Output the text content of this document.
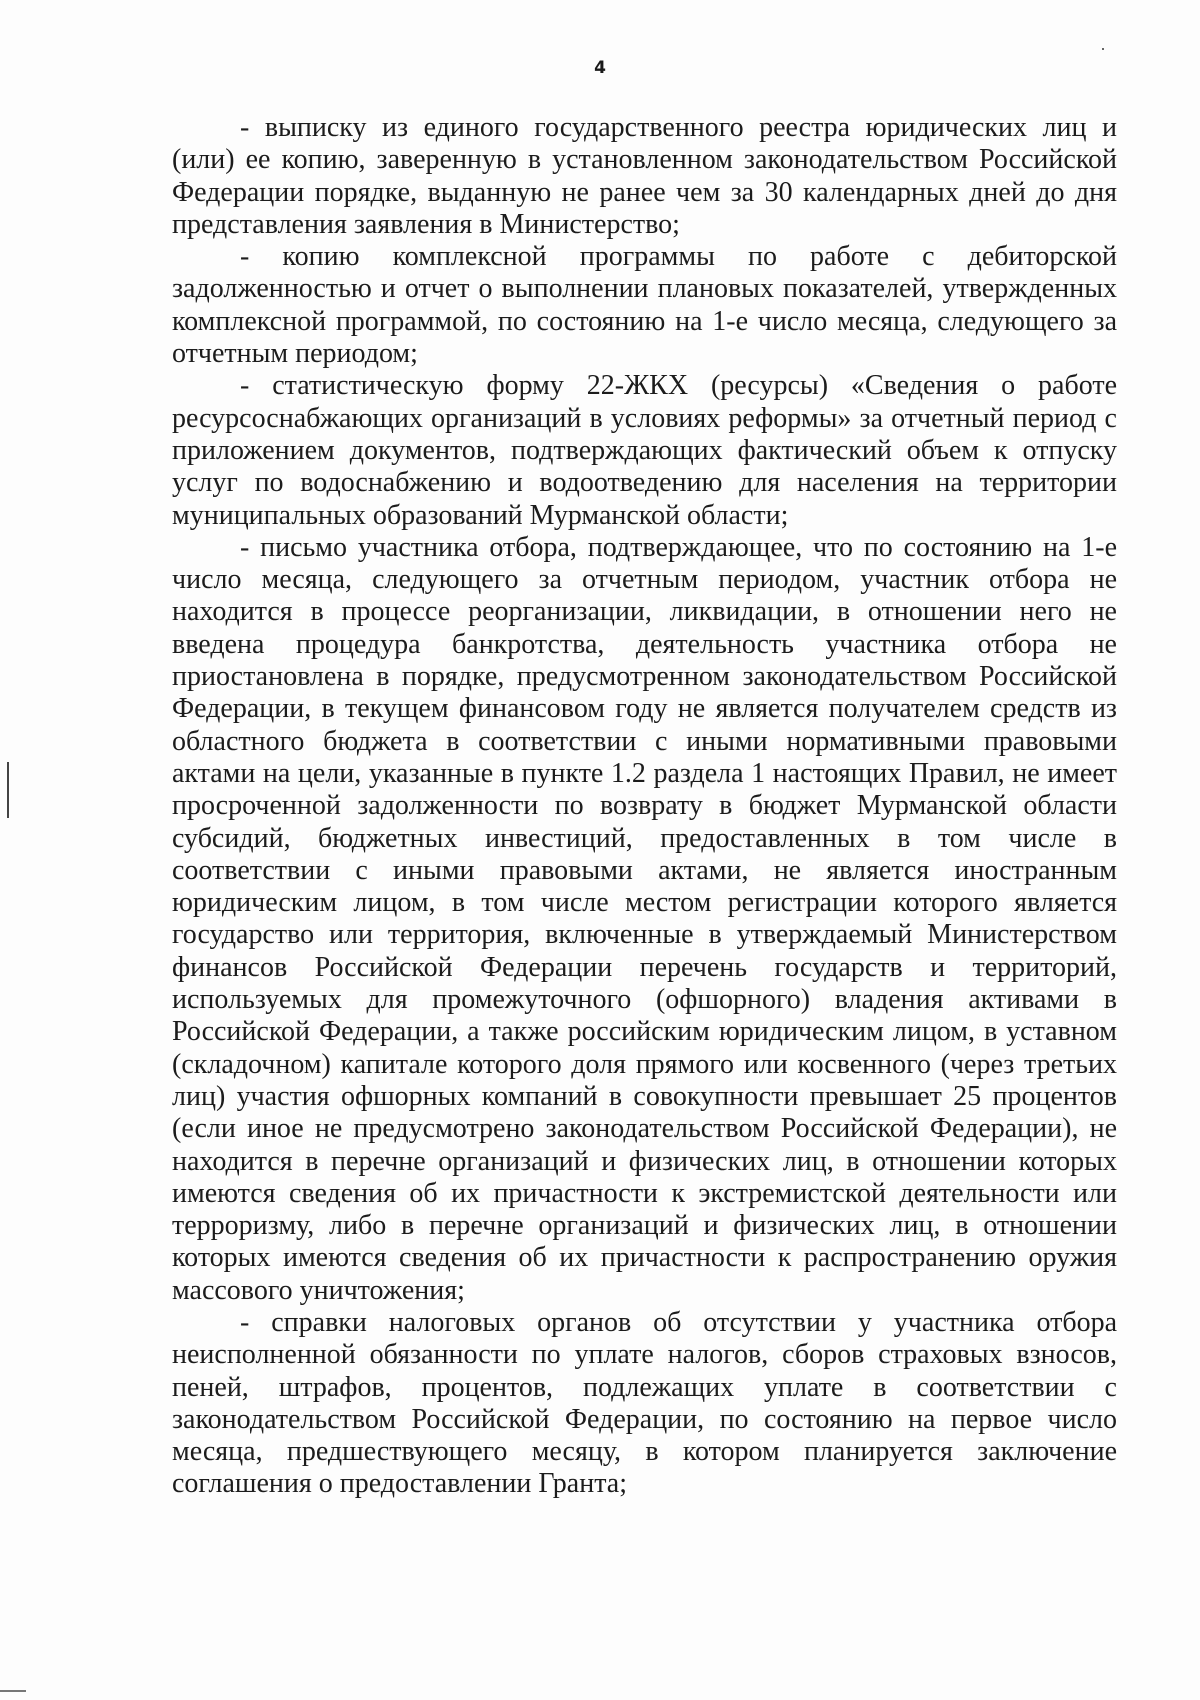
4

- выписку из единого государственного реестра юридических лиц и (или) ее копию, заверенную в установленном законодательством Российской Федерации порядке, выданную не ранее чем за 30 календарных дней до дня представления заявления в Министерство;

- копию комплексной программы по работе с дебиторской задолженностью и отчет о выполнении плановых показателей, утвержденных комплексной программой, по состоянию на 1-е число месяца, следующего за отчетным периодом;

- статистическую форму 22-ЖКХ (ресурсы) «Сведения о работе ресурсоснабжающих организаций в условиях реформы» за отчетный период с приложением документов, подтверждающих фактический объем к отпуску услуг по водоснабжению и водоотведению для населения на территории муниципальных образований Мурманской области;

- письмо участника отбора, подтверждающее, что по состоянию на 1-е число месяца, следующего за отчетным периодом, участник отбора не находится в процессе реорганизации, ликвидации, в отношении него не введена процедура банкротства, деятельность участника отбора не приостановлена в порядке, предусмотренном законодательством Российской Федерации, в текущем финансовом году не является получателем средств из областного бюджета в соответствии с иными нормативными правовыми актами на цели, указанные в пункте 1.2 раздела 1 настоящих Правил, не имеет просроченной задолженности по возврату в бюджет Мурманской области субсидий, бюджетных инвестиций, предоставленных в том числе в соответствии с иными правовыми актами, не является иностранным юридическим лицом, в том числе местом регистрации которого является государство или территория, включенные в утверждаемый Министерством финансов Российской Федерации перечень государств и территорий, используемых для промежуточного (офшорного) владения активами в Российской Федерации, а также российским юридическим лицом, в уставном (складочном) капитале которого доля прямого или косвенного (через третьих лиц) участия офшорных компаний в совокупности превышает 25 процентов (если иное не предусмотрено законодательством Российской Федерации), не находится в перечне организаций и физических лиц, в отношении которых имеются сведения об их причастности к экстремистской деятельности или терроризму, либо в перечне организаций и физических лиц, в отношении которых имеются сведения об их причастности к распространению оружия массового уничтожения;

- справки налоговых органов об отсутствии у участника отбора неисполненной обязанности по уплате налогов, сборов страховых взносов, пеней, штрафов, процентов, подлежащих уплате в соответствии с законодательством Российской Федерации, по состоянию на первое число месяца, предшествующего месяцу, в котором планируется заключение соглашения о предоставлении Гранта;
